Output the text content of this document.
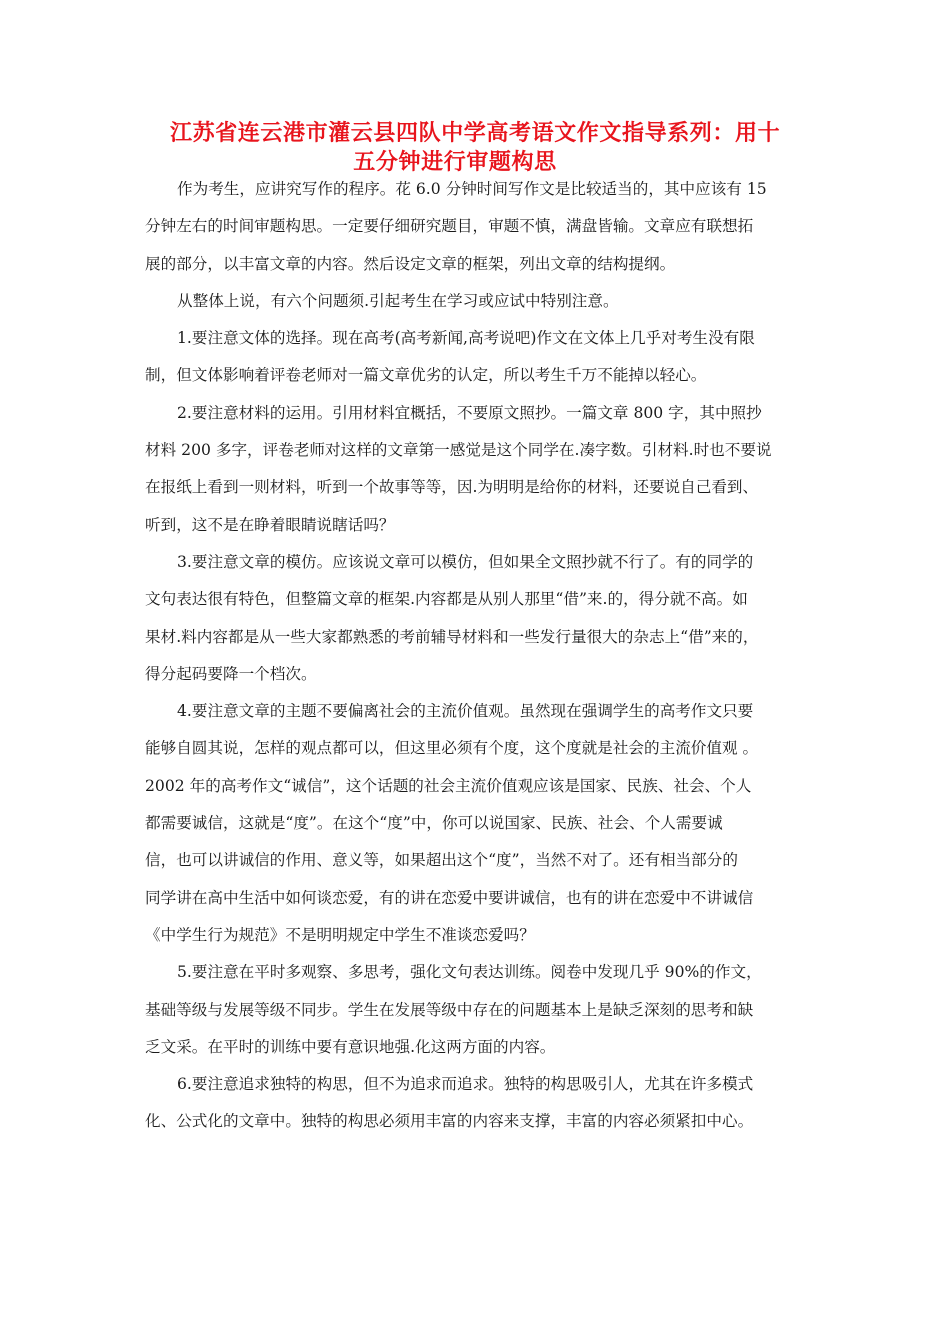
江苏省连云港市灌云县四队中学高考语文作文指导系列：用十
五分钟进行审题构思
作为考生，应讲究写作的程序。花 6.0 分钟时间写作文是比较适当的，其中应该有 15
分钟左右的时间审题构思。一定要仔细研究题目，审题不慎，满盘皆输。文章应有联想拓
展的部分，以丰富文章的内容。然后设定文章的框架，列出文章的结构提纲。
从整体上说，有六个问题须.引起考生在学习或应试中特别注意。
1.要注意文体的选择。现在高考(高考新闻,高考说吧)作文在文体上几乎对考生没有限
制，但文体影响着评卷老师对一篇文章优劣的认定，所以考生千万不能掉以轻心。
2.要注意材料的运用。引用材料宜概括，不要原文照抄。一篇文章 800 字，其中照抄
材料 200 多字，评卷老师对这样的文章第一感觉是这个同学在.凑字数。引材料.时也不要说
在报纸上看到一则材料，听到一个故事等等，因.为明明是给你的材料，还要说自己看到、
听到，这不是在睁着眼睛说瞎话吗？
3.要注意文章的模仿。应该说文章可以模仿，但如果全文照抄就不行了。有的同学的
文句表达很有特色，但整篇文章的框架.内容都是从别人那里“借”来.的，得分就不高。如
果材.料内容都是从一些大家都熟悉的考前辅导材料和一些发行量很大的杂志上“借”来的，
得分起码要降一个档次。
4.要注意文章的主题不要偏离社会的主流价值观。虽然现在强调学生的高考作文只要
能够自圆其说，怎样的观点都可以，但这里必须有个度，这个度就是社会的主流价值观 。
2002 年的高考作文“诚信”，这个话题的社会主流价值观应该是国家、民族、社会、个人
都需要诚信，这就是“度”。在这个“度”中，你可以说国家、民族、社会、个人需要诚
信，也可以讲诚信的作用、意义等，如果超出这个“度”，当然不对了。还有相当部分的
同学讲在高中生活中如何谈恋爱，有的讲在恋爱中要讲诚信，也有的讲在恋爱中不讲诚信
《中学生行为规范》不是明明规定中学生不准谈恋爱吗？
5.要注意在平时多观察、多思考，强化文句表达训练。阅卷中发现几乎 90%的作文，
基础等级与发展等级不同步。学生在发展等级中存在的问题基本上是缺乏深刻的思考和缺
乏文采。在平时的训练中要有意识地强.化这两方面的内容。
6.要注意追求独特的构思，但不为追求而追求。独特的构思吸引人，尤其在许多模式
化、公式化的文章中。独特的构思必须用丰富的内容来支撑，丰富的内容必须紧扣中心。
